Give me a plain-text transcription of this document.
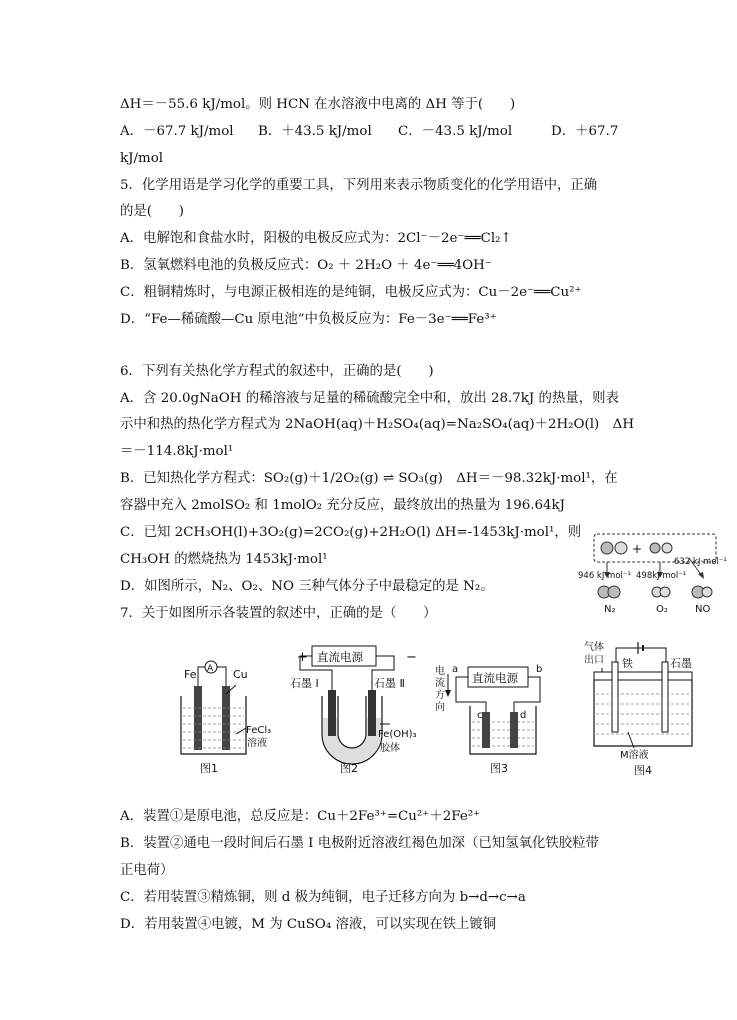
ΔH＝－55.6 kJ/mol。则 HCN 在水溶液中电离的 ΔH 等于(　　)
A．－67.7 kJ/mol B．＋43.5 kJ/mol C．－43.5 kJ/mol	D．＋67.7
kJ/mol
5．化学用语是学习化学的重要工具，下列用来表示物质变化的化学用语中，正确
的是(　　)
A．电解饱和食盐水时，阳极的电极反应式为：2Cl⁻－2e⁻══Cl₂↑
B．氢氧燃料电池的负极反应式：O₂ ＋ 2H₂O ＋ 4e⁻══4OH⁻
C．粗铜精炼时，与电源正极相连的是纯铜，电极反应式为：Cu－2e⁻══Cu²⁺
D．“Fe—稀硫酸—Cu 原电池”中负极反应为：Fe－3e⁻══Fe³⁺
6．下列有关热化学方程式的叙述中，正确的是(　　)
A．含 20.0gNaOH 的稀溶液与足量的稀硫酸完全中和，放出 28.7kJ 的热量，则表
示中和热的热化学方程式为 2NaOH(aq)＋H₂SO₄(aq)=Na₂SO₄(aq)＋2H₂O(l)　ΔH
＝－114.8kJ·mol¹
B．已知热化学方程式：SO₂(g)＋1/2O₂(g) ⇌ SO₃(g)　ΔH＝－98.32kJ·mol¹，在
容器中充入 2molSO₂ 和 1molO₂ 充分反应，最终放出的热量为 196.64kJ
C．已知 2CH₃OH(l)+3O₂(g)=2CO₂(g)+2H₂O(l) ΔH=-1453kJ·mol¹，则
CH₃OH 的燃烧热为 1453kJ·mol¹
D．如图所示，N₂、O₂、NO 三种气体分子中最稳定的是 N₂。
7．关于如图所示各装置的叙述中，正确的是（　　）
+
946 kJ·mol⁻¹ 498kJ·mol⁻¹
632 kJ·mol⁻¹
N₂	O₂	NO
Fe	Cu
A
FeCl₃
溶液
图1
+	−
直流电源
石墨 Ⅰ	石墨 Ⅱ
Fe(OH)₃
胶体
图2
电
流
方
向
a	b
直流电源
c	d
图3
气体
出口 铁	石墨
M溶液
图4
A．装置①是原电池，总反应是：Cu＋2Fe³⁺=Cu²⁺＋2Fe²⁺
B．装置②通电一段时间后石墨 I 电极附近溶液红褐色加深（已知氢氧化铁胶粒带
正电荷）
C．若用装置③精炼铜，则 d 极为纯铜，电子迁移方向为 b→d→c→a
D．若用装置④电镀，M 为 CuSO₄ 溶液，可以实现在铁上镀铜
